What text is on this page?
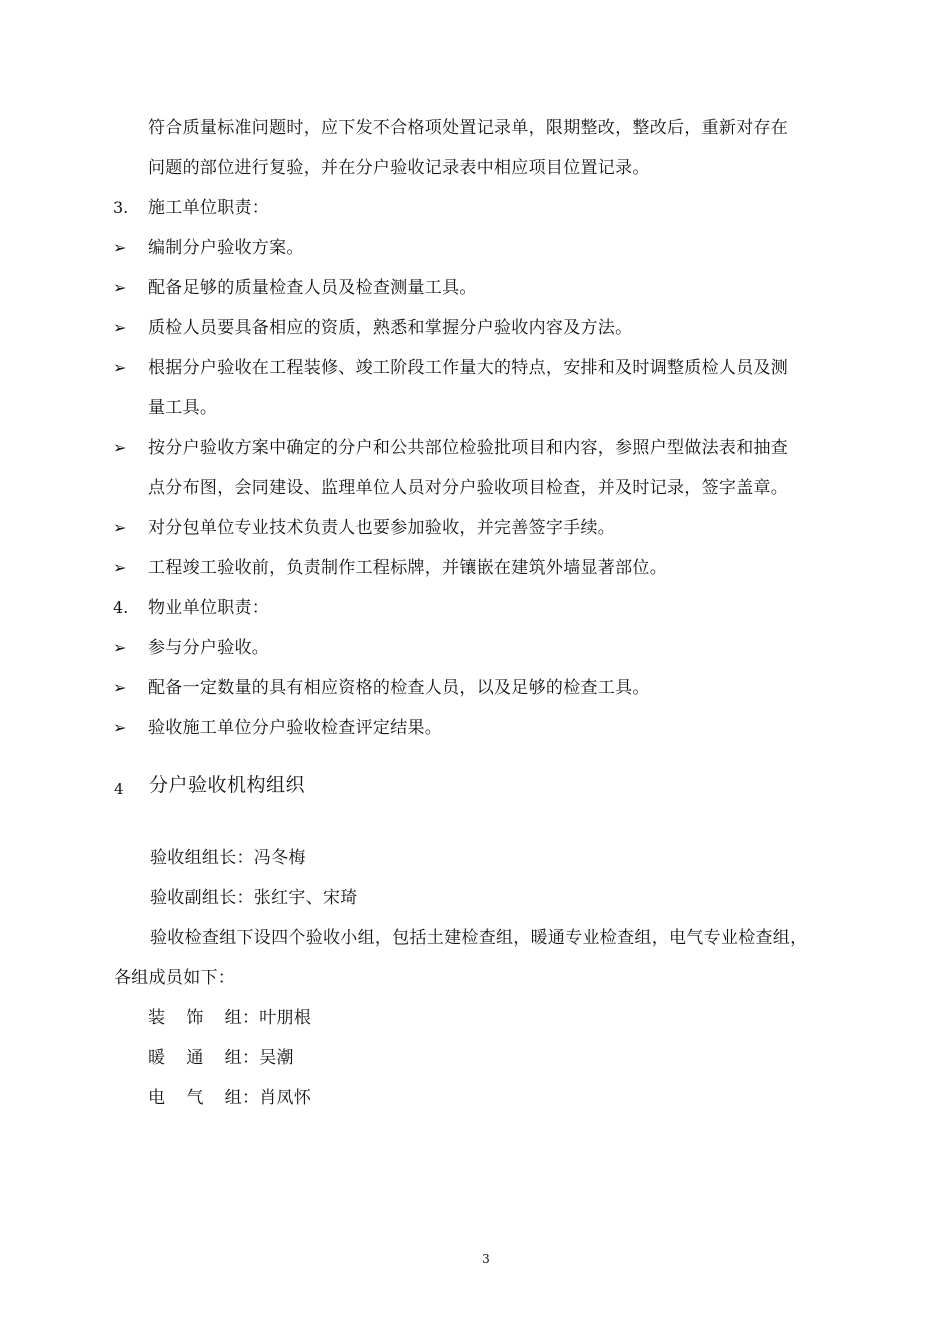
符合质量标准问题时，应下发不合格项处置记录单，限期整改，整改后，重新对存在
问题的部位进行复验，并在分户验收记录表中相应项目位置记录。
3. 施工单位职责：
➢ 编制分户验收方案。
➢ 配备足够的质量检查人员及检查测量工具。
➢ 质检人员要具备相应的资质，熟悉和掌握分户验收内容及方法。
➢ 根据分户验收在工程装修、竣工阶段工作量大的特点，安排和及时调整质检人员及测
量工具。
➢ 按分户验收方案中确定的分户和公共部位检验批项目和内容，参照户型做法表和抽查
点分布图，会同建设、监理单位人员对分户验收项目检查，并及时记录，签字盖章。
➢ 对分包单位专业技术负责人也要参加验收，并完善签字手续。
➢ 工程竣工验收前，负责制作工程标牌，并镶嵌在建筑外墙显著部位。
4. 物业单位职责：
➢ 参与分户验收。
➢ 配备一定数量的具有相应资格的检查人员，以及足够的检查工具。
➢ 验收施工单位分户验收检查评定结果。
4 分户验收机构组织
验收组组长：冯冬梅
验收副组长：张红宇、宋琦
验收检查组下设四个验收小组，包括土建检查组，暖通专业检查组，电气专业检查组，
各组成员如下：
装 饰 组：叶朋根
暖 通 组：吴潮
电 气 组：肖凤怀
3
